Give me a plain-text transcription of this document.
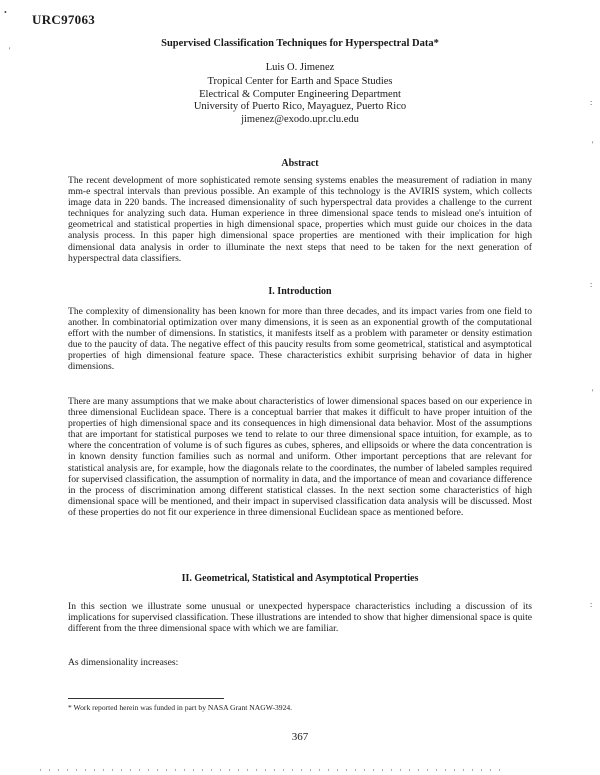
URC97063
Supervised Classification Techniques for Hyperspectral Data*
Luis O. Jimenez
Tropical Center for Earth and Space Studies
Electrical & Computer Engineering Department
University of Puerto Rico, Mayaguez, Puerto Rico
jimenez@exodo.upr.clu.edu
Abstract

The recent development of more sophisticated remote sensing systems enables the measurement of radiation in many mm-e spectral intervals than previous possible. An example of this technology is the AVIRIS system, which collects image data in 220 bands. The increased dimensionality of such hyperspectral data provides a challenge to the current techniques for analyzing such data. Human experience in three dimensional space tends to mislead one's intuition of geometrical and statistical properties in high dimensional space, properties which must guide our choices in the data analysis process. In this paper high dimensional space properties are mentioned with their implication for high dimensional data analysis in order to illuminate the next steps that need to be taken for the next generation of hyperspectral data classifiers.

I. Introduction

The complexity of dimensionality has been known for more than three decades, and its impact varies from one field to another. In combinatorial optimization over many dimensions, it is seen as an exponential growth of the computational effort with the number of dimensions. In statistics, it manifests itself as a problem with parameter or density estimation due to the paucity of data. The negative effect of this paucity results from some geometrical, statistical and asymptotical properties of high dimensional feature space. These characteristics exhibit surprising behavior of data in higher dimensions.

There are many assumptions that we make about characteristics of lower dimensional spaces based on our experience in three dimensional Euclidean space. There is a conceptual barrier that makes it difficult to have proper intuition of the properties of high dimensional space and its consequences in high dimensional data behavior. Most of the assumptions that are important for statistical purposes we tend to relate to our three dimensional space intuition, for example, as to where the concentration of volume is of such figures as cubes, spheres, and ellipsoids or where the data concentration is in known density function families such as normal and uniform. Other important perceptions that are relevant for statistical analysis are, for example, how the diagonals relate to the coordinates, the number of labeled samples required for supervised classification, the assumption of normality in data, and the importance of mean and covariance difference in the process of discrimination among different statistical classes. In the next section some characteristics of high dimensional space will be mentioned, and their impact in supervised classification data analysis will be discussed. Most of these properties do not fit our experience in three dimensional Euclidean space as mentioned before.

II. Geometrical, Statistical and Asymptotical Properties

In this section we illustrate some unusual or unexpected hyperspace characteristics including a discussion of its implications for supervised classification. These illustrations are intended to show that higher dimensional space is quite different from the three dimensional space with which we are familiar.

As dimensionality increases:

* Work reported herein was funded in part by NASA Grant NAGW-3924.
367
•
'
:
'
:
'
:
